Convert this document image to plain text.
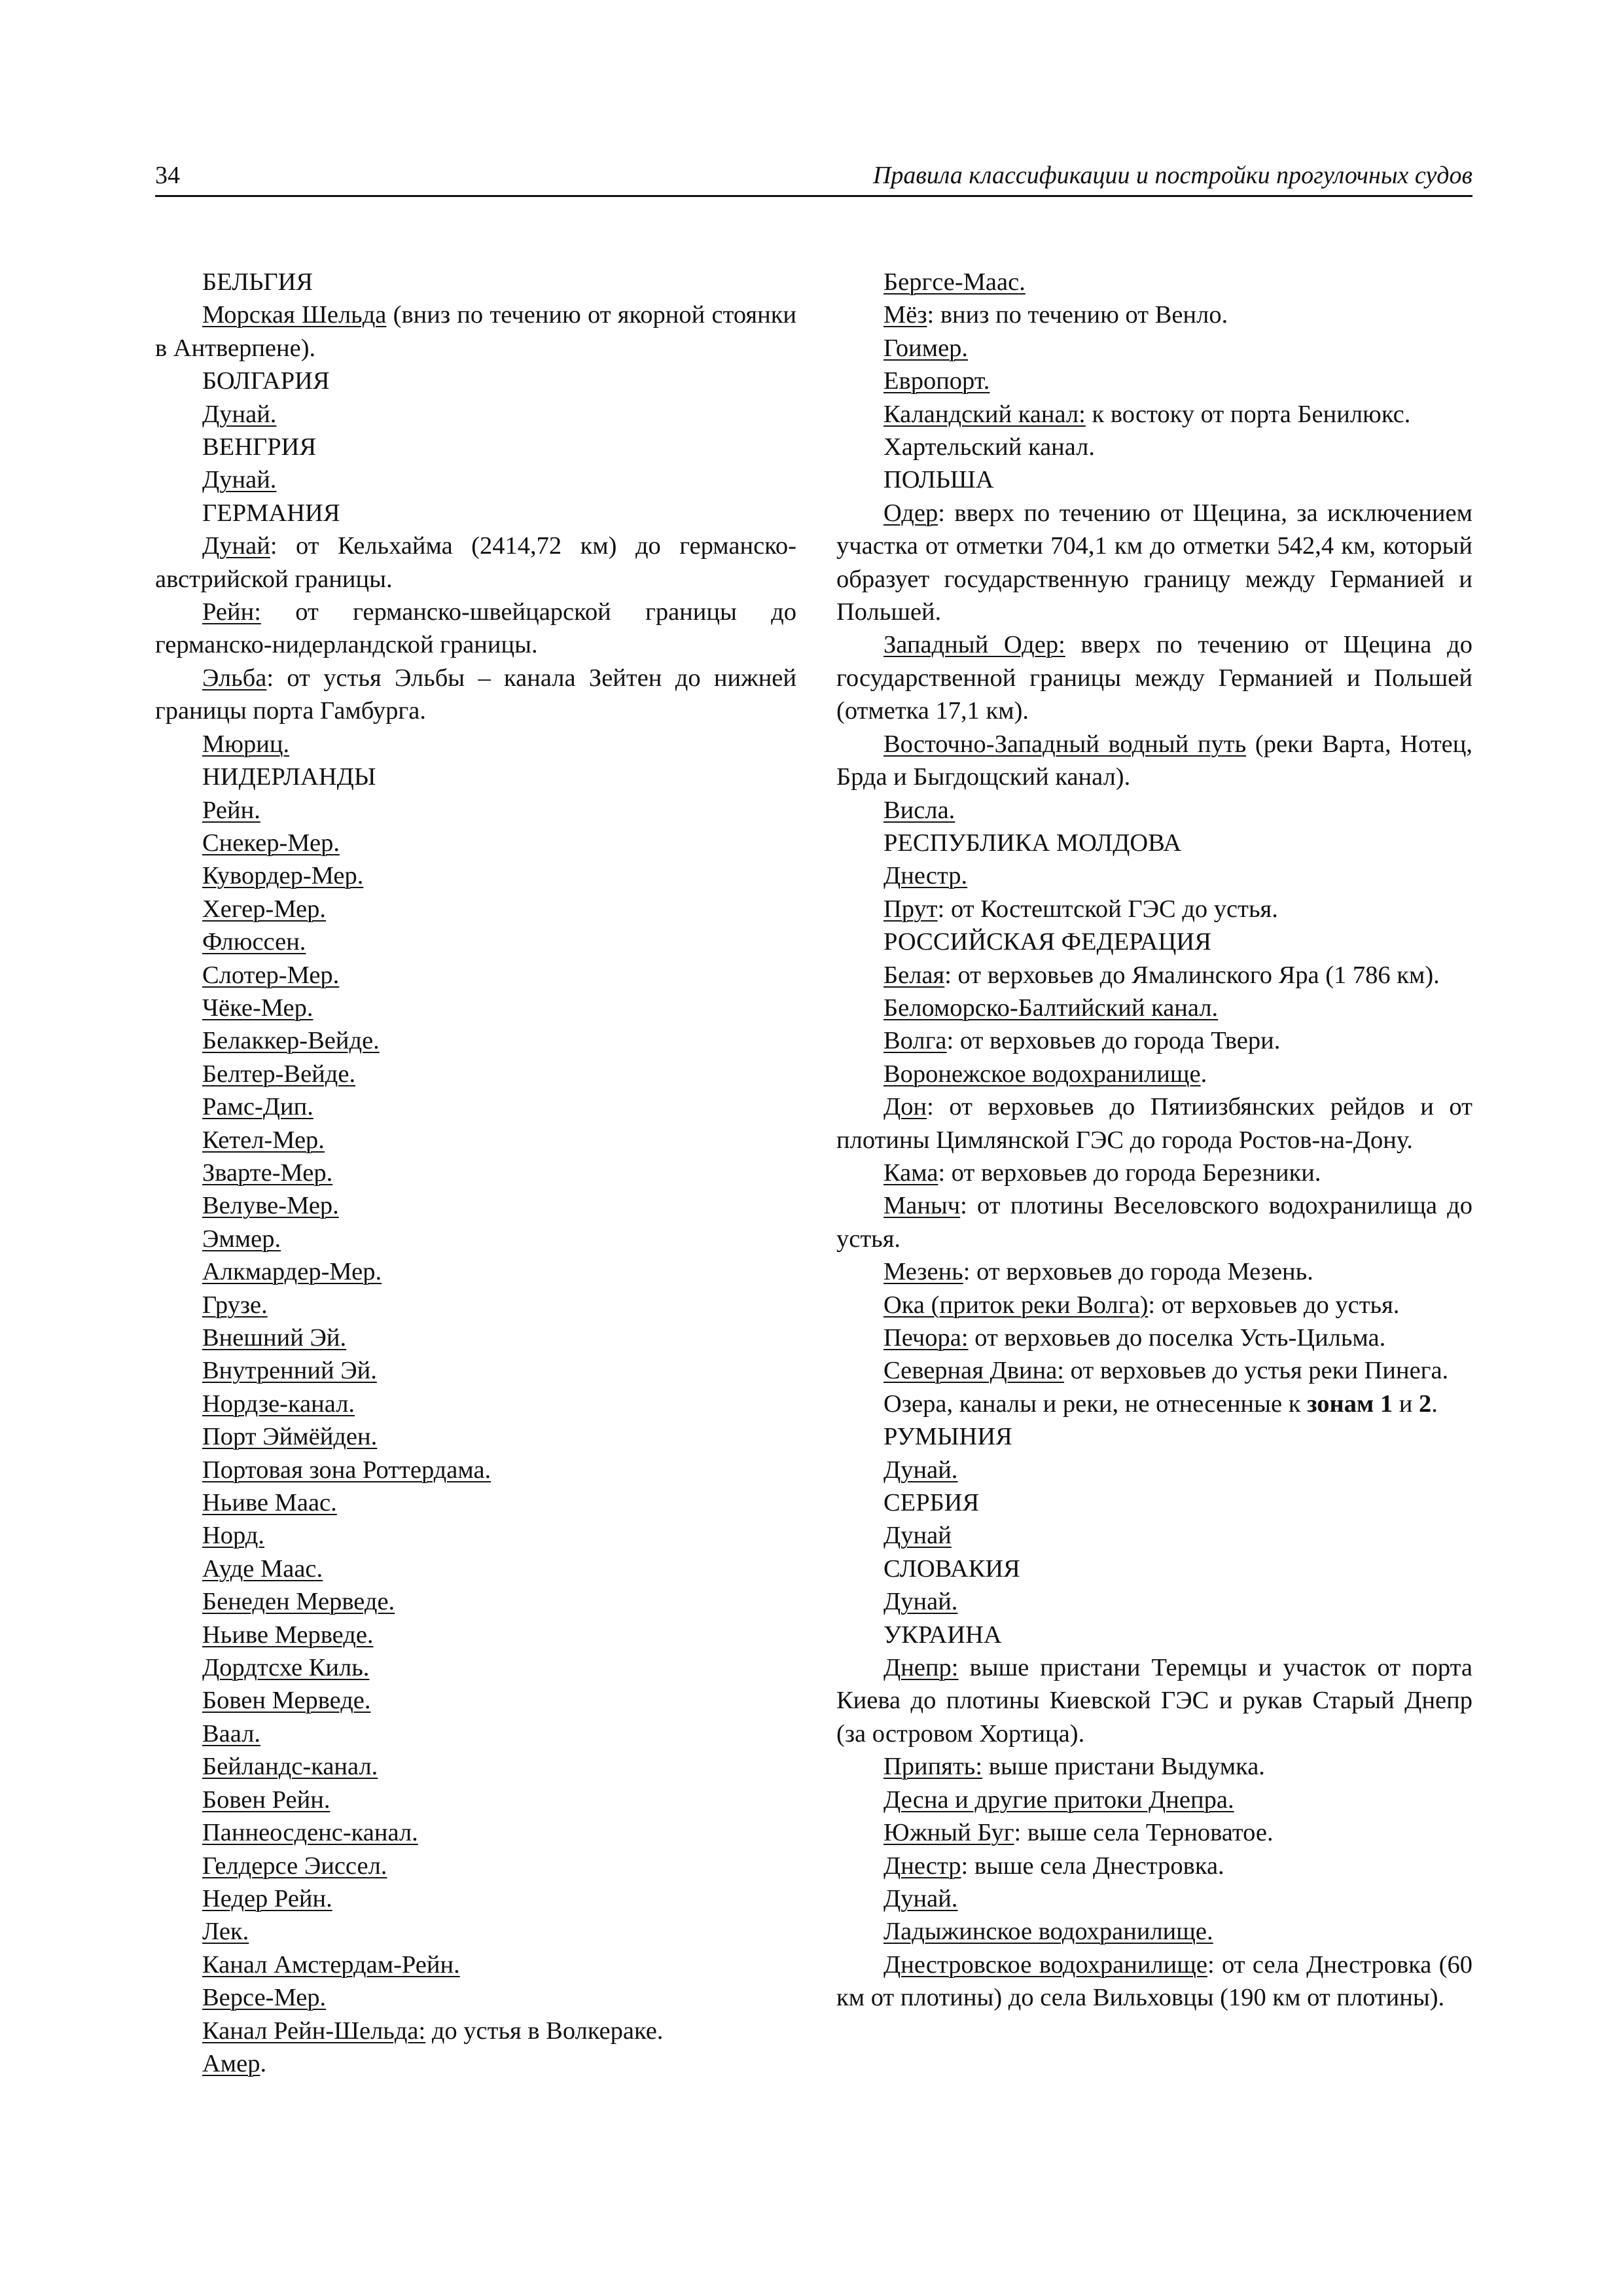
34	Правила классификации и постройки прогулочных судов

БЕЛЬГИЯ

Морская Шельда (вниз по течению от якорной стоянки в Антверпене).

БОЛГАРИЯ

Дунай.

ВЕНГРИЯ

Дунай.

ГЕРМАНИЯ

Дунай: от Кельхайма (2414,72 км) до германско-австрийской границы.

Рейн: от германско-швейцарской границы до германско-нидерландской границы.

Эльба: от устья Эльбы – канала Зейтен до нижней границы порта Гамбурга.

Мюриц.

НИДЕРЛАНДЫ

Рейн.

Снекер-Мер.

Кувордер-Мер.

Хегер-Мер.

Флюссен.

Слотер-Мер.

Чёке-Мер.

Белаккер-Вейде.

Белтер-Вейде.

Рамс-Дип.

Кетел-Мер.

Зварте-Мер.

Велуве-Мер.

Эммер.

Алкмардер-Мер.

Грузе.

Внешний Эй.

Внутренний Эй.

Нордзе-канал.

Порт Эймёйден.

Портовая зона Роттердама.

Ньиве Маас.

Норд.

Ауде Маас.

Бенеден Мерведе.

Ньиве Мерведе.

Дордтсхе Киль.

Бовен Мерведе.

Ваал.

Бейландс-канал.

Бовен Рейн.

Паннеосденс-канал.

Гелдерсе Эиссел.

Недер Рейн.

Лек.

Канал Амстердам-Рейн.

Версе-Мер.

Канал Рейн-Шельда: до устья в Волкераке.

Амер.

Бергсе-Маас.

Мёз: вниз по течению от Венло.

Гоимер.

Европорт.

Каландский канал: к востоку от порта Бенилюкс.

Хартельский канал.

ПОЛЬША

Одер: вверх по течению от Щецина, за исключением участка от отметки 704,1 км до отметки 542,4 км, который образует государственную границу между Германией и Польшей.

Западный Одер: вверх по течению от Щецина до государственной границы между Германией и Польшей (отметка 17,1 км).

Восточно-Западный водный путь (реки Варта, Нотец, Брда и Быгдощский канал).

Висла.

РЕСПУБЛИКА МОЛДОВА

Днестр.

Прут: от Костештской ГЭС до устья.

РОССИЙСКАЯ ФЕДЕРАЦИЯ

Белая: от верховьев до Ямалинского Яра (1 786 км).

Беломорско-Балтийский канал.

Волга: от верховьев до города Твери.

Воронежское водохранилище.

Дон: от верховьев до Пятиизбянских рейдов и от плотины Цимлянской ГЭС до города Ростов-на-Дону.

Кама: от верховьев до города Березники.

Маныч: от плотины Веселовского водохранилища до устья.

Мезень: от верховьев до города Мезень.

Ока (приток реки Волга): от верховьев до устья.

Печора: от верховьев до поселка Усть-Цильма.

Северная Двина: от верховьев до устья реки Пинега.

Озера, каналы и реки, не отнесенные к зонам 1 и 2.

РУМЫНИЯ

Дунай.

СЕРБИЯ

Дунай

СЛОВАКИЯ

Дунай.

УКРАИНА

Днепр: выше пристани Теремцы и участок от порта Киева до плотины Киевской ГЭС и рукав Старый Днепр (за островом Хортица).

Припять: выше пристани Выдумка.

Десна и другие притоки Днепра.

Южный Буг: выше села Терноватое.

Днестр: выше села Днестровка.

Дунай.

Ладыжинское водохранилище.

Днестровское водохранилище: от села Днестровка (60 км от плотины) до села Вильховцы (190 км от плотины).
